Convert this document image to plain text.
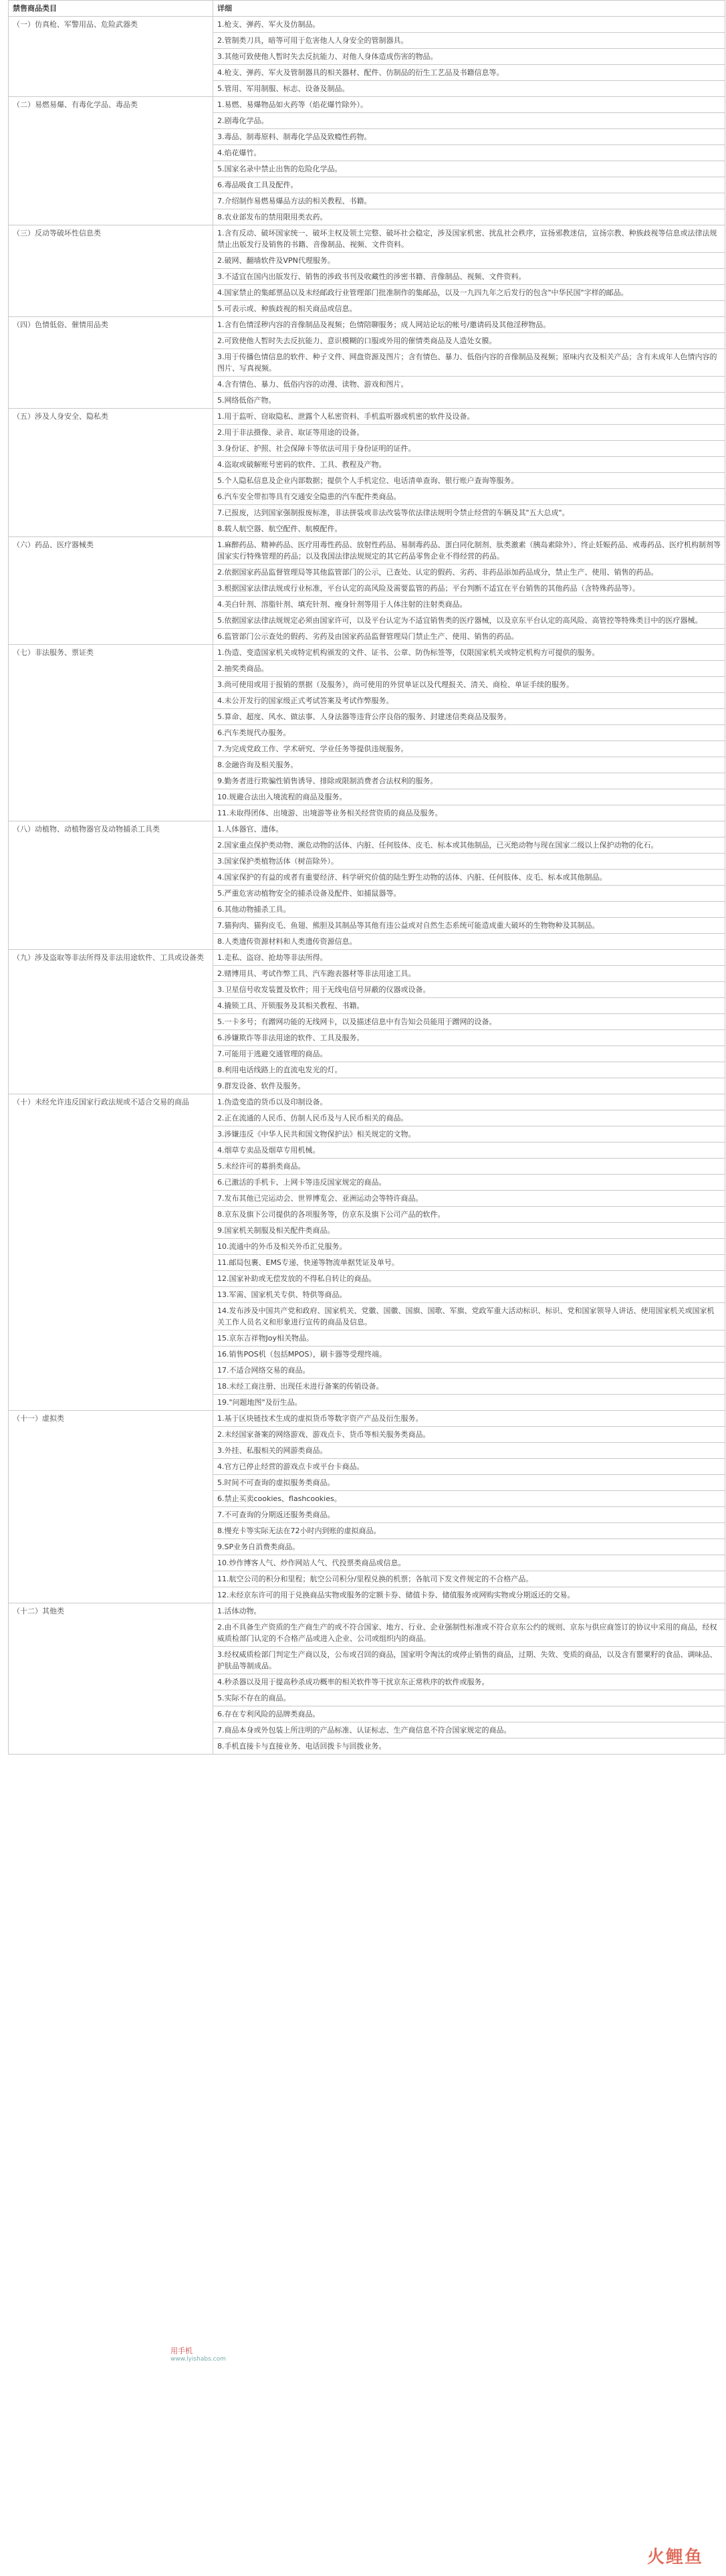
禁售商品类目	详细
（一）仿真枪、军警用品、危险武器类	1.枪支、弹药、军火及仿制品。
	2.管制类刀具，暗等可用于危害他人人身安全的管制器具。
	3.其他可致使他人暂时失去反抗能力、对他人身体造成伤害的物品。
	4.枪支、弹药、军火及管制器具的相关器材、配件、仿制品的衍生工艺品及书籍信息等。
	5.管用、军用制服、标志、设备及制品。
（二）易燃易爆、有毒化学品、毒品类	1.易燃、易爆物品如火药等（焰花爆竹除外）。
	2.剧毒化学品。
	3.毒品、制毒原料、制毒化学品及致瘾性药物。
	4.焰花爆竹。
	5.国家名录中禁止出售的危险化学品。
	6.毒品吸食工具及配件。
	7.介绍制作易燃易爆品方法的相关教程、书籍。
	8.农业部发布的禁用限用类农药。
（三）反动等破坏性信息类	1.含有反动、破坏国家统一、破坏主权及领土完整、破坏社会稳定，涉及国家机密、扰乱社会秩序，宣扬邪教迷信，宣扬宗教、种族歧视等信息或法律法规禁止出版发行及销售的书籍、音像制品、视频、文件资料。
	2.破网、翻墙软件及VPN代理服务。
	3.不适宜在国内出版发行、销售的涉政书刊及收藏性的涉密书籍、音像制品、视频、文件资料。
	4.国家禁止的集邮票品以及未经邮政行业管理部门批准制作的集邮品，以及一九四九年之后发行的包含"中华民国"字样的邮品。
	5.可表示或、种族歧视的相关商品或信息。
（四）色情低俗、催情用品类	1.含有色情淫秽内容的音像制品及视频；色情陪聊服务；成人网站论坛的帐号/邀请码及其他淫秽物品。
	2.可致使他人暂时失去反抗能力、意识模糊的口服或外用的催情类商品及人造处女膜。
	3.用于传播色情信息的软件、种子文件、网盘资源及图片；含有情色、暴力、低俗内容的音像制品及视频；原味内衣及相关产品；含有未成年人色情内容的图片、写真视频。
	4.含有情色、暴力、低俗内容的动漫、读物、游戏和图片。
	5.网络低俗产物。
（五）涉及人身安全、隐私类	1.用于监听、窃取隐私、泄露个人私密资料、手机监听器或机密的软件及设备。
	2.用于非法摄像、录音、取证等用途的设备。
	3.身份证、护照、社会保障卡等依法可用于身份证明的证件。
	4.盗取或破解账号密码的软件、工具、教程及产物。
	5.个人隐私信息及企业内部数据；提供个人手机定位、电话清单查询、银行账户查询等服务。
	6.汽车安全带扣等具有交通安全隐患的汽车配件类商品。
	7.已报废，达到国家强制报废标准，非法拼装或非法改装等依法律法规明令禁止经营的车辆及其"五大总成"。
	8.载人航空器、航空配件、航模配件。
（六）药品、医疗器械类	1.麻醉药品、精神药品、医疗用毒性药品、放射性药品、易制毒药品、蛋白同化制剂、肽类激素（胰岛素除外）、终止妊娠药品、戒毒药品、医疗机构制剂等国家实行特殊管理的药品；以及我国法律法规规定的其它药品零售企业不得经营的药品。
	2.依据国家药品监督管理局等其他监管部门的公示，已查处、认定的假药、劣药、非药品添加药品成分，禁止生产、使用、销售的药品。
	3.根据国家法律法规或行业标准，平台认定的高风险及需要监管的药品；平台判断不适宜在平台销售的其他药品（含特殊药品等）。
	4.美白针剂、溶脂针剂、填充针剂、瘦身针剂等用于人体注射的注射类商品。
	5.依据国家法律法规规定必须由国家许可，以及平台认定为不适宜销售类的医疗器械，以及京东平台认定的高风险、高管控等特殊类目中的医疗器械。
	6.监管部门公示查处的假药、劣药及由国家药品监督管理局门禁止生产、使用、销售的药品。
（七）非法服务、票证类	1.伪造、变造国家机关或特定机构颁发的文件、证书、公章、防伪标签等，仅限国家机关或特定机构方可提供的服务。
	2.抽奖类商品。
	3.尚可使用或用于报销的票据（及服务），尚可使用的外贸单证以及代理报关、清关、商检、单证手续的服务。
	4.未公开发行的国家级正式考试答案及考试作弊服务。
	5.算命、超度、风水、做法事、人身法器等违背公序良俗的服务、封建迷信类商品及服务。
	6.汽车类规代办服务。
	7.为完成党政工作、学术研究、学业任务等提供违规服务。
	8.金融咨询及相关服务。
	9.勤务者进行欺骗性销售诱导、排除或限制消费者合法权利的服务。
	10.规避合法出入境流程的商品及服务。
	11.未取得团体、出境游、出境游等业务相关经营资质的商品及服务。
（八）动植物、动植物器官及动物捕杀工具类	1.人体器官、遗体。
	2.国家重点保护类动物、濒危动物的活体、内脏、任何肢体、皮毛、标本或其他制品，已灭绝动物与现在国家二级以上保护动物的化石。
	3.国家保护类植物活体（树苗除外）。
	4.国家保护的有益的或者有重要经济、科学研究价值的陆生野生动物的活体、内脏、任何肢体、皮毛、标本或其他制品。
	5.严重危害动植物安全的捕杀设备及配件、如捕鼠器等。
	6.其他动物捕杀工具。
	7.猫狗肉、猫狗皮毛、鱼翅、熊胆及其制品等其他有违公益或对自然生态系统可能造成重大破坏的生物物种及其制品。
	8.人类遗传资源材料和人类遗传资源信息。
（九）涉及盗取等非法所得及非法用途软件、工具或设备类	1.走私、盗窃、抢劫等非法所得。
	2.赌博用具、考试作弊工具、汽车跑表器材等非法用途工具。
	3.卫星信号收发装置及软件；用于无线电信号屏蔽的仪器或设备。
	4.撬锁工具、开锁服务及其相关教程、书籍。
	5.一卡多号；有蹭网功能的无线网卡，以及描述信息中有告知会员能用于蹭网的设备。
	6.涉嫌欺诈等非法用途的软件、工具及服务。
	7.可能用于逃避交通管理的商品。
	8.利用电话线路上的直流电发光的灯。
	9.群发设备、软件及服务。
（十）未经允许违反国家行政法规或不适合交易的商品	1.伪造变造的货币以及印制设备。
	2.正在流通的人民币、仿制人民币及与人民币相关的商品。
	3.涉嫌违反《中华人民共和国文物保护法》相关规定的文物。
	4.烟草专卖品及烟草专用机械。
	5.未经许可的募捐类商品。
	6.已激活的手机卡、上网卡等违反国家规定的商品。
	7.发布其他已完运动会、世界博览会、亚洲运动会等特许商品。
	8.京东及旗下公司提供的各项服务等，仿京东及旗下公司产品的软件。
	9.国家机关制服及相关配件类商品。
	10.流通中的外币及相关外币汇兑服务。
	11.邮局包裹、EMS专递、快递等物流单据凭证及单号。
	12.国家补助或无偿发放的不得私自转让的商品。
	13.军需、国家机关专供、特供等商品。
	14.发布涉及中国共产党和政府、国家机关、党徽、国徽、国旗、国歌、军旗、党政军重大活动标识、标识、党和国家领导人讲话、使用国家机关或国家机关工作人员名义和形象进行宣传的商品及信息。
	15.京东吉祥物Joy相关物品。
	16.销售POS机（包括MPOS），刷卡器等受理终端。
	17.不适合网络交易的商品。
	18.未经工商注册、出现任未进行备案的传销设备。
	19."问题地图"及衍生品。
（十一）虚拟类	1.基于区块链技术生成的虚拟货币等数字资产产品及衍生服务。
	2.未经国家备案的网络游戏、游戏点卡、货币等相关服务类商品。
	3.外挂、私服相关的网游类商品。
	4.官方已停止经营的游戏点卡或平台卡商品。
	5.时间不可查询的虚拟服务类商品。
	6.禁止买卖cookies、flashcookies。
	7.不可查询的分期返还服务类商品。
	8.慢充卡等实际无法在72小时内到账的虚拟商品。
	9.SP业务自消费类商品。
	10.炒作博客人气、炒作网站人气、代投票类商品或信息。
	11.航空公司的积分和里程；航空公司积分/里程兑换的机票；各航司下发文件规定的不合格产品。
	12.未经京东许可的用于兑换商品实物或服务的定额卡券、储值卡券、储值服务或网购实物或分期返还的交易。
（十二）其他类	1.活体动物。
	2.由不具备生产资质的生产商生产的或不符合国家、地方、行业、企业强制性标准或不符合京东公约的规则、京东与供应商签订的协议中采用的商品，经权威质检部门认定的不合格产品或进入企业、公司或组织内的商品。
	3.经权威质检部门判定生产商以及，公布或召回的商品，国家明令淘汰的或停止销售的商品，过期、失效、变质的商品，以及含有罂粟籽的食品、调味品、护肤品等制成品。
	4.秒杀器以及用于提高秒杀成功概率的相关软件等干扰京东正常秩序的软件或服务。
	5.实际不存在的商品。
	6.存在专利风险的品牌类商品。
	7.商品本身或外包装上所注明的产品标准、认证标志、生产商信息不符合国家规定的商品。
	8.手机直接卡与直接业务、电话回拨卡与回拨业务。
用手机
www.lyishabs.com
火鲤鱼
